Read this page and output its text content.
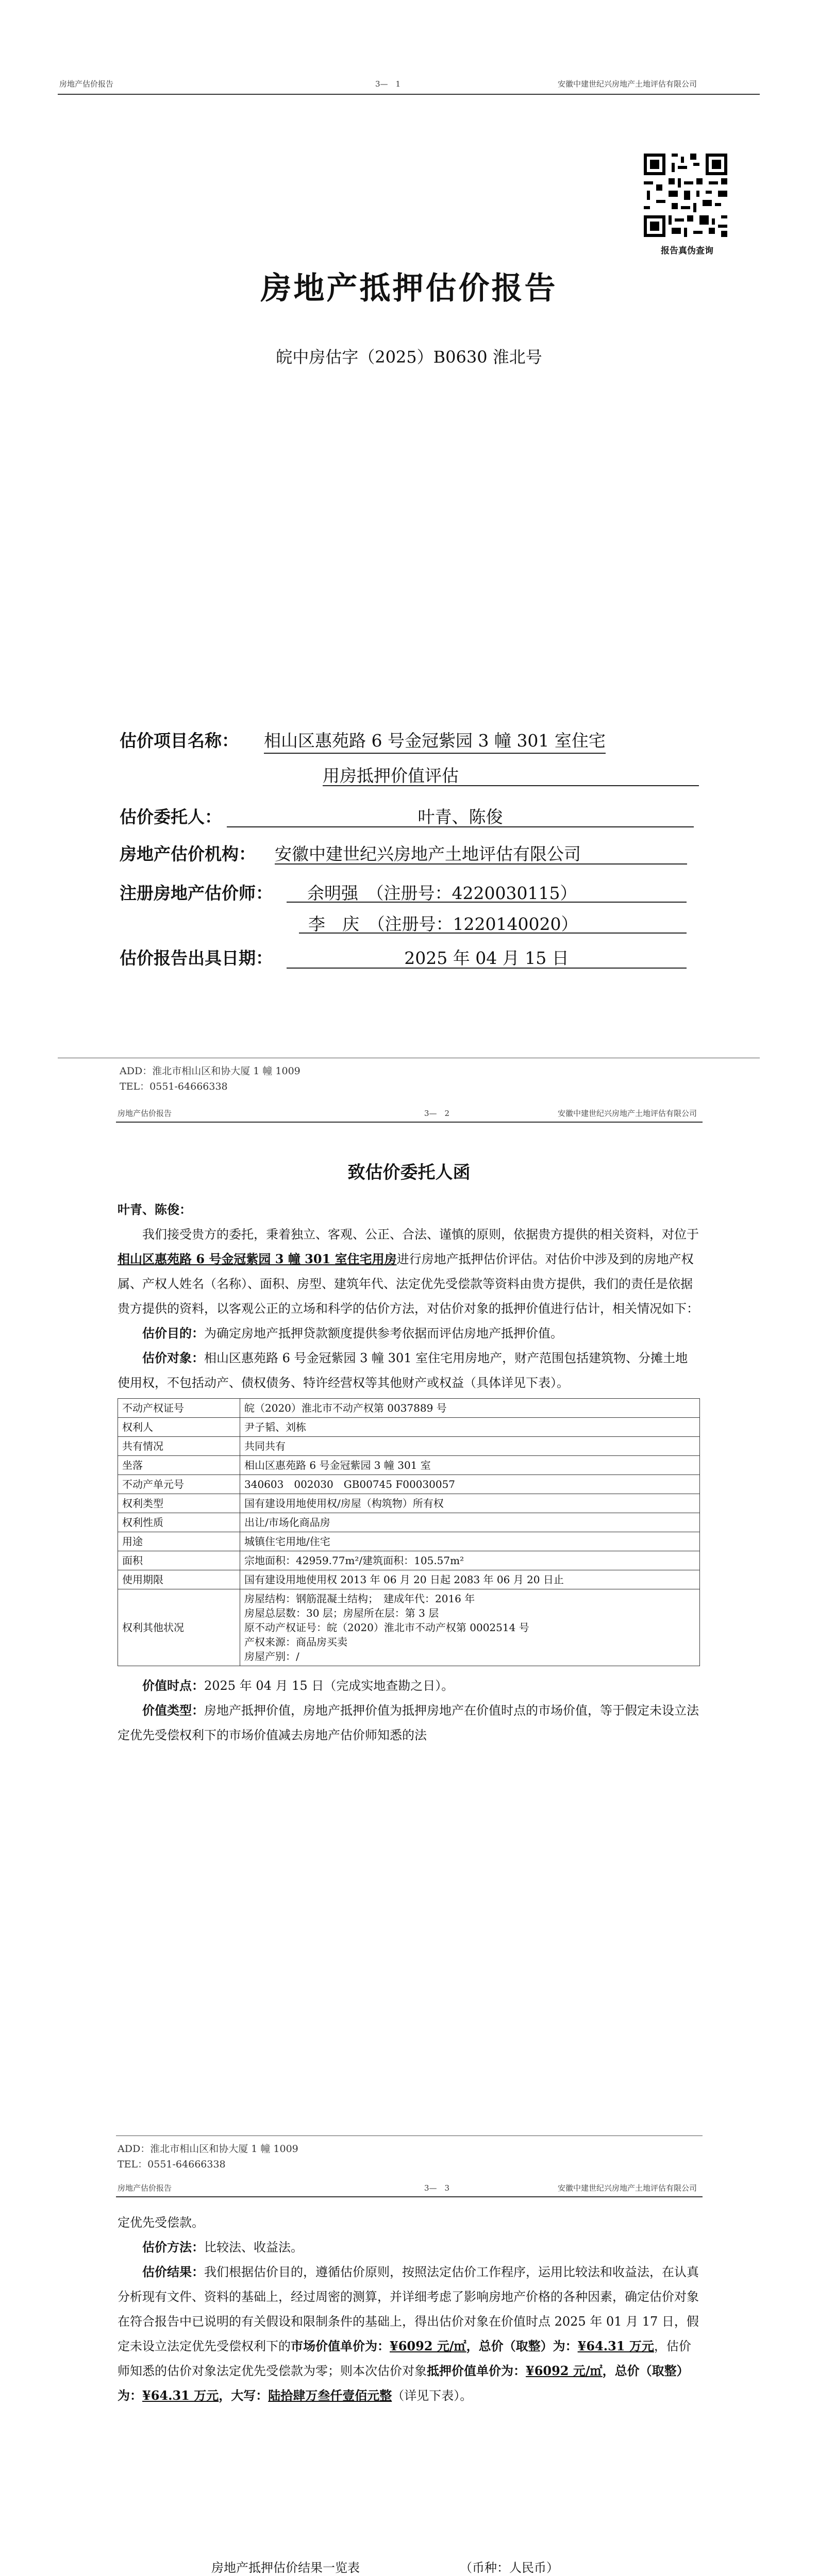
房地产估价报告	3—　1	安徽中建世纪兴房地产土地评估有限公司
报告真伪查询
房地产抵押估价报告
皖中房估字（2025）B0630 淮北号
估价项目名称： 相山区惠苑路 6 号金冠紫园 3 幢 301 室住宅
用房抵押价值评估
估价委托人：	叶青、陈俊
房地产估价机构： 安徽中建世纪兴房地产土地评估有限公司
注册房地产估价师：	余明强　（注册号：4220030115）
李　庆　（注册号：1220140020）
估价报告出具日期：	2025 年 04 月 15 日
ADD：淮北市相山区和协大厦 1 幢 1009
TEL：0551-64666338
房地产估价报告	3—　2	安徽中建世纪兴房地产土地评估有限公司
致估价委托人函

叶青、陈俊：

我们接受贵方的委托，秉着独立、客观、公正、合法、谨慎的原则，依据贵方提供的相关资料，对位于相山区惠苑路 6 号金冠紫园 3 幢 301 室住宅用房进行房地产抵押估价评估。对估价中涉及到的房地产权属、产权人姓名（名称）、面积、房型、建筑年代、法定优先受偿款等资料由贵方提供，我们的责任是依据贵方提供的资料，以客观公正的立场和科学的估价方法，对估价对象的抵押价值进行估计，相关情况如下：

估价目的：为确定房地产抵押贷款额度提供参考依据而评估房地产抵押价值。

估价对象：相山区惠苑路 6 号金冠紫园 3 幢 301 室住宅用房地产，财产范围包括建筑物、分摊土地使用权，不包括动产、债权债务、特许经营权等其他财产或权益（具体详见下表）。

不动产权证号	皖（2020）淮北市不动产权第 0037889 号
权利人	尹子韬、刘栋
共有情况	共同共有
坐落	相山区惠苑路 6 号金冠紫园 3 幢 301 室
不动产单元号	340603　002030　GB00745 F00030057
权利类型	国有建设用地使用权/房屋（构筑物）所有权
权利性质	出让/市场化商品房
用途	城镇住宅用地/住宅
面积	宗地面积：42959.77m²/建筑面积：105.57m²
使用期限	国有建设用地使用权 2013 年 06 月 20 日起 2083 年 06 月 20 日止
权利其他状况	房屋结构：钢筋混凝土结构；　建成年代：2016 年
房屋总层数：30 层；房屋所在层：第 3 层
原不动产权证号：皖（2020）淮北市不动产权第 0002514 号
产权来源：商品房买卖
房屋产别：/

价值时点：2025 年 04 月 15 日（完成实地查勘之日）。

价值类型：房地产抵押价值，房地产抵押价值为抵押房地产在价值时点的市场价值，等于假定未设立法定优先受偿权利下的市场价值减去房地产估价师知悉的法

ADD：淮北市相山区和协大厦 1 幢 1009
TEL：0551-64666338
房地产估价报告	3—　3	安徽中建世纪兴房地产土地评估有限公司

定优先受偿款。

估价方法：比较法、收益法。

估价结果：我们根据估价目的，遵循估价原则，按照法定估价工作程序，运用比较法和收益法，在认真分析现有文件、资料的基础上，经过周密的测算，并详细考虑了影响房地产价格的各种因素，确定估价对象在符合报告中已说明的有关假设和限制条件的基础上，得出估价对象在价值时点 2025 年 01 月 17 日，假定未设立法定优先受偿权利下的市场价值单价为：¥6092 元/㎡，总价（取整）为：¥64.31 万元，估价师知悉的估价对象法定优先受偿款为零；则本次估价对象抵押价值单价为：¥6092 元/㎡，总价（取整）为：¥64.31 万元，大写：陆拾肆万叁仟壹佰元整（详见下表）。

房地产抵押估价结果一览表	（币种：人民币）
